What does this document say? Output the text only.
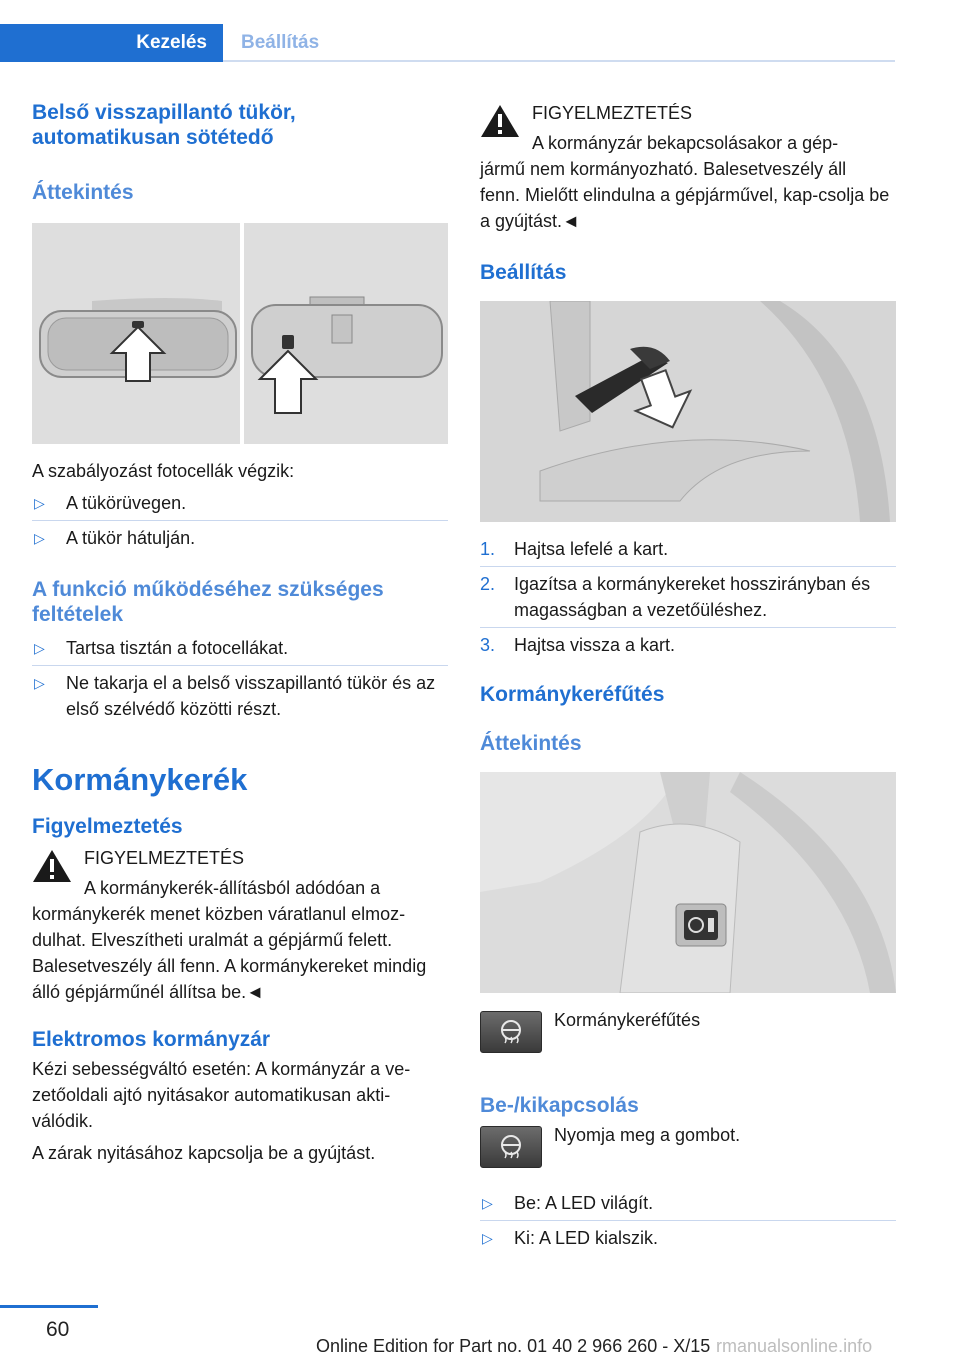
Kezelés	Beállítás
Belső visszapillantó tükör, automatikusan sötétedő
Áttekintés

A szabályozást fotocellák végzik:

▷ A tükörüvegen.
▷ A tükör hátulján.
A funkció működéséhez szükséges feltételek
▷ Tartsa tisztán a fotocellákat.
▷ Ne takarja el a belső visszapillantó tükör és az első szélvédő közötti részt.
Kormánykerék
Figyelmeztetés
FIGYELMEZTETÉS
A kormánykerék-állításból adódóan a
kormánykerék menet közben váratlanul elmoz-dulhat. Elveszítheti uralmát a gépjármű felett. Balesetveszély áll fenn. A kormánykereket mindig álló gépjárműnél állítsa be.◄
Elektromos kormányzár

Kézi sebességváltó esetén: A kormányzár a ve-zetőoldali ajtó nyitásakor automatikusan akti-válódik.

A zárak nyitásához kapcsolja be a gyújtást.

FIGYELMEZTETÉS
A kormányzár bekapcsolásakor a gép-
jármű nem kormányozható. Balesetveszély áll fenn. Mielőtt elindulna a gépjárművel, kap-csolja be a gyújtást.◄
Beállítás
1. Hajtsa lefelé a kart.
2. Igazítsa a kormánykereket hosszirányban és magasságban a vezetőüléshez.
3. Hajtsa vissza a kart.
Kormánykeréfűtés
Áttekintés
Kormánykeréfűtés
Be-/kikapcsolás
Nyomja meg a gombot.
▷ Be: A LED világít.
▷ Ki: A LED kialszik.
60
Online Edition for Part no. 01 40 2 966 260 - X/15 rmanualsonline.info
